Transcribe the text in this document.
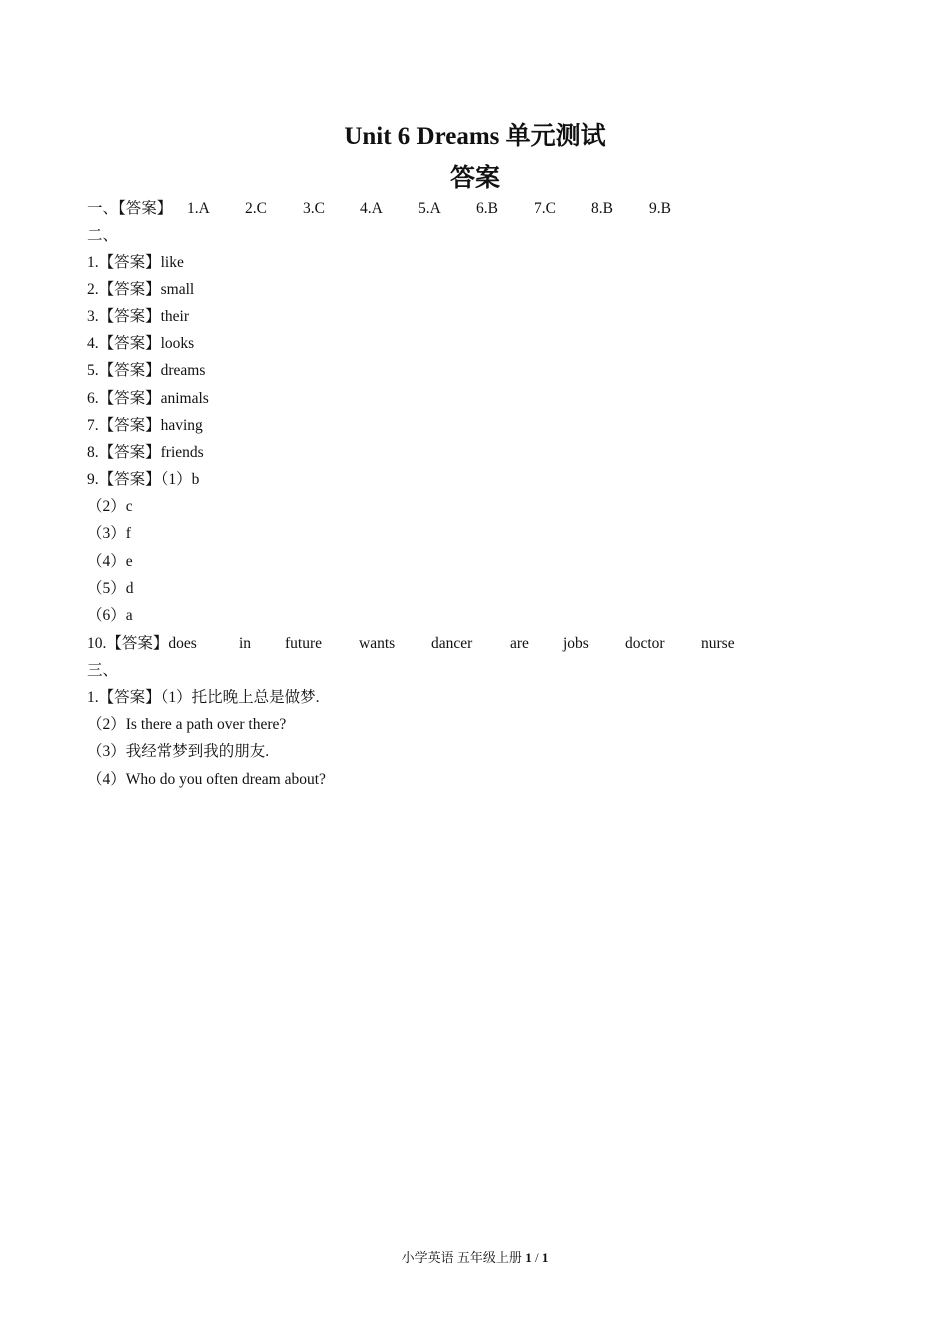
Unit 6 Dreams 单元测试
答案
一、【答案】 1.A 2.C 3.C 4.A 5.A 6.B 7.C 8.B 9.B
二、
1.【答案】like
2.【答案】small
3.【答案】their
4.【答案】looks
5.【答案】dreams
6.【答案】animals
7.【答案】having
8.【答案】friends
9.【答案】（1）b
（2）c
（3）f
（4）e
（5）d
（6）a
10.【答案】does	in future wants dancer are jobs doctor nurse
三、
1.【答案】（1）托比晚上总是做梦.
（2）Is there a path over there?
（3）我经常梦到我的朋友.
（4）Who do you often dream about?
小学英语 五年级上册 1 / 1
